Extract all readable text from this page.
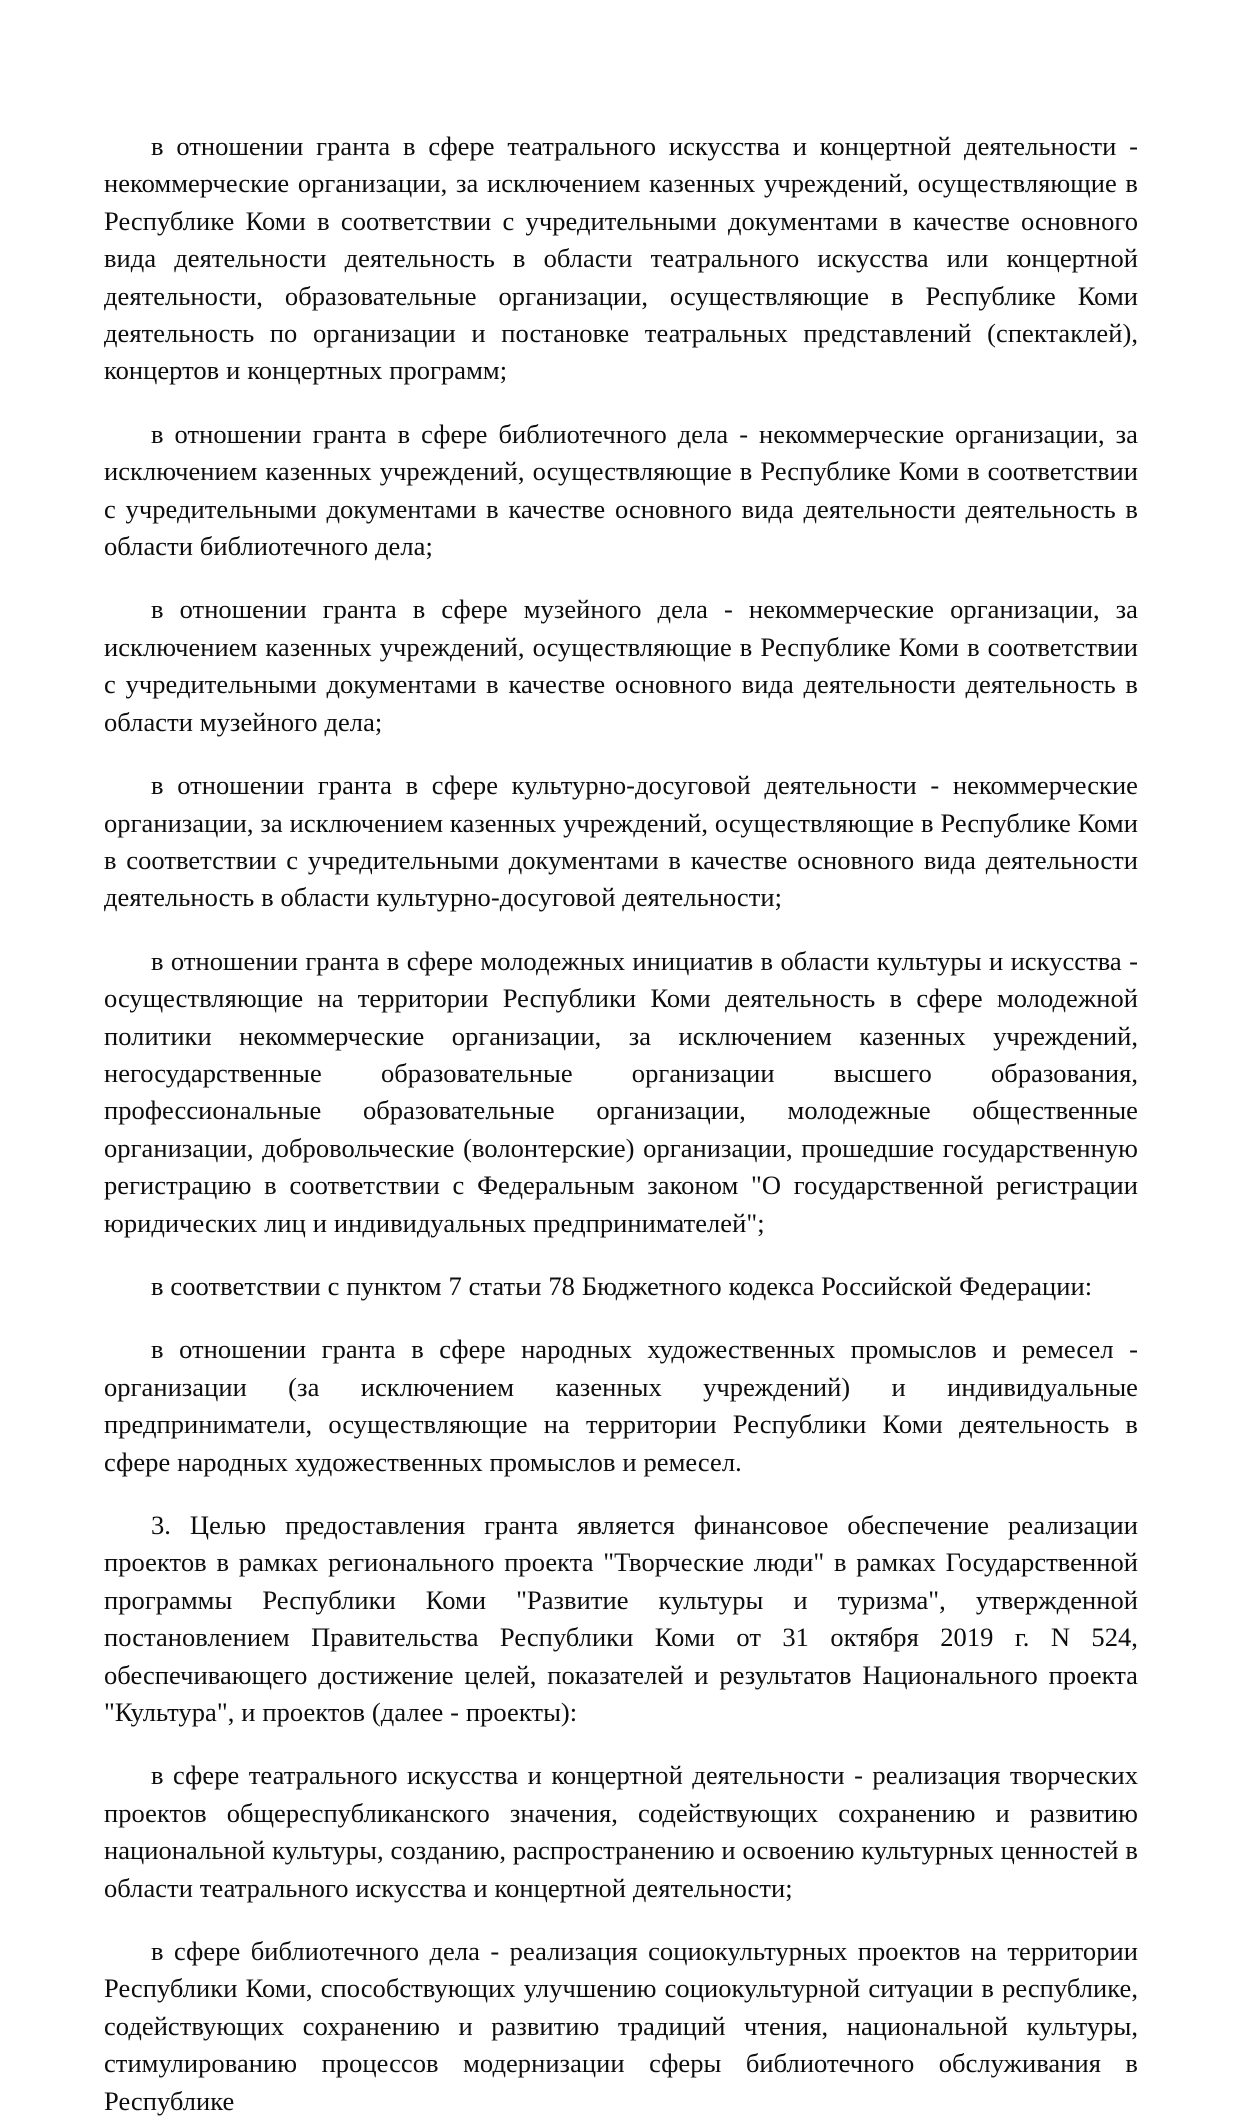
в отношении гранта в сфере театрального искусства и концертной деятельности - некоммерческие организации, за исключением казенных учреждений, осуществляющие в Республике Коми в соответствии с учредительными документами в качестве основного вида деятельности деятельность в области театрального искусства или концертной деятельности, образовательные организации, осуществляющие в Республике Коми деятельность по организации и постановке театральных представлений (спектаклей), концертов и концертных программ;

в отношении гранта в сфере библиотечного дела - некоммерческие организации, за исключением казенных учреждений, осуществляющие в Республике Коми в соответствии с учредительными документами в качестве основного вида деятельности деятельность в области библиотечного дела;

в отношении гранта в сфере музейного дела - некоммерческие организации, за исключением казенных учреждений, осуществляющие в Республике Коми в соответствии с учредительными документами в качестве основного вида деятельности деятельность в области музейного дела;

в отношении гранта в сфере культурно-досуговой деятельности - некоммерческие организации, за исключением казенных учреждений, осуществляющие в Республике Коми в соответствии с учредительными документами в качестве основного вида деятельности деятельность в области культурно-досуговой деятельности;

в отношении гранта в сфере молодежных инициатив в области культуры и искусства - осуществляющие на территории Республики Коми деятельность в сфере молодежной политики некоммерческие организации, за исключением казенных учреждений, негосударственные образовательные организации высшего образования, профессиональные образовательные организации, молодежные общественные организации, добровольческие (волонтерские) организации, прошедшие государственную регистрацию в соответствии с Федеральным законом "О государственной регистрации юридических лиц и индивидуальных предпринимателей";

в соответствии с пунктом 7 статьи 78 Бюджетного кодекса Российской Федерации:

в отношении гранта в сфере народных художественных промыслов и ремесел - организации (за исключением казенных учреждений) и индивидуальные предприниматели, осуществляющие на территории Республики Коми деятельность в сфере народных художественных промыслов и ремесел.

3. Целью предоставления гранта является финансовое обеспечение реализации проектов в рамках регионального проекта "Творческие люди" в рамках Государственной программы Республики Коми "Развитие культуры и туризма", утвержденной постановлением Правительства Республики Коми от 31 октября 2019 г. N 524, обеспечивающего достижение целей, показателей и результатов Национального проекта "Культура", и проектов (далее - проекты):

в сфере театрального искусства и концертной деятельности - реализация творческих проектов общереспубликанского значения, содействующих сохранению и развитию национальной культуры, созданию, распространению и освоению культурных ценностей в области театрального искусства и концертной деятельности;

в сфере библиотечного дела - реализация социокультурных проектов на территории Республики Коми, способствующих улучшению социокультурной ситуации в республике, содействующих сохранению и развитию традиций чтения, национальной культуры, стимулированию процессов модернизации сферы библиотечного обслуживания в Республике
